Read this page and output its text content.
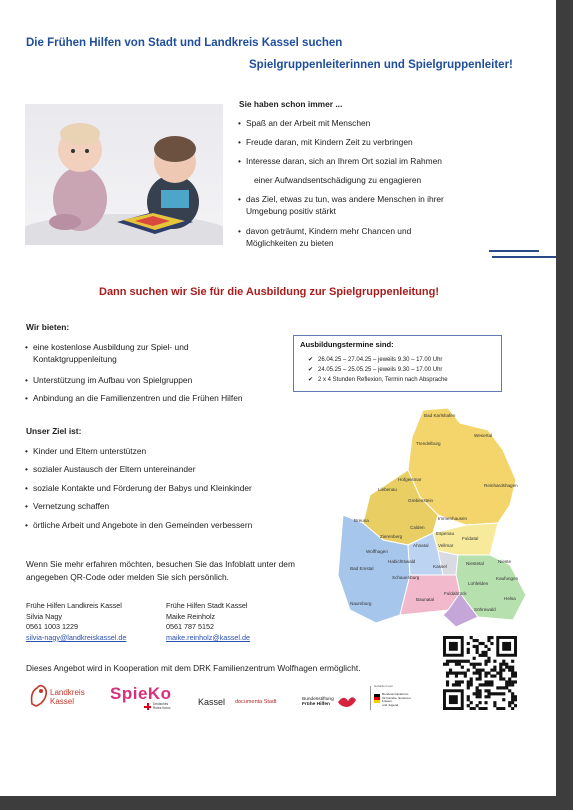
Die Frühen Hilfen von Stadt und Landkreis Kassel suchen
Spielgruppenleiterinnen und Spielgruppenleiter!
Sie haben schon immer ...
• Spaß an der Arbeit mit Menschen
• Freude daran, mit Kindern Zeit zu verbringen
• Interesse daran, sich an Ihrem Ort sozial im Rahmen
einer Aufwandsentschädigung zu engagieren
• das Ziel, etwas zu tun, was andere Menschen in ihrer
Umgebung positiv stärkt
• davon geträumt, Kindern mehr Chancen und
Möglichkeiten zu bieten
Dann suchen wir Sie für die Ausbildung zur Spielgruppenleitung!
Wir bieten:
• eine kostenlose Ausbildung zur Spiel- und
Kontaktgruppenleitung
• Unterstützung im Aufbau von Spielgruppen
• Anbindung an die Familienzentren und die Frühen Hilfen
Ausbildungstermine sind:
✔ 26.04.25 – 27.04.25 – jeweils 9.30 – 17.00 Uhr
✔ 24.05.25 – 25.05.25 – jeweils 9.30 – 17.00 Uhr
✔ 2 x 4 Stunden Reflexion, Termin nach Absprache
Unser Ziel ist:
• Kinder und Eltern unterstützen
• sozialer Austausch der Eltern untereinander
• soziale Kontakte und Förderung der Babys und Kleinkinder
• Vernetzung schaffen
• örtliche Arbeit und Angebote in den Gemeinden verbessern
Bad Karlshafen
Trendelburg
Wesertal
Hofgeismar
Liebenau
Calden
Grebenstein
Reinhardshagen
Immenhausen
Fuldatal
Espenau
Breuna
Wolfhagen
Zierenberg
Ahnatal Vellmar
Habichtswald
Kassel
Niestetal	Nieste
Bad Emstal
Schauenburg	Kaufungen
Naumburg
Baunatal
Lohfelden
Fuldabrück
Söhrewald
Helsa
Wenn Sie mehr erfahren möchten, besuchen Sie das Infoblatt unter dem
angegeben QR-Code oder melden Sie sich persönlich.
Frühe Hilfen Landkreis Kassel
Silvia Nagy
0561 1003 1229
silvia-nagy@landkreiskassel.de
Frühe Hilfen Stadt Kassel
Maike Reinholz
0561 787 5152
maike.reinholz@kassel.de
Dieses Angebot wird in Kooperation mit dem DRK Familienzentrum Wolfhagen ermöglicht.
Landkreis Kassel	SpieKo
Deutsches Rotes Kreuz
Kassel documenta Stadt	Bundesstiftung
Frühe Hilfen
Gefördert vom
Bundesministerium
für Familie, Senioren, Frauen
und Jugend
